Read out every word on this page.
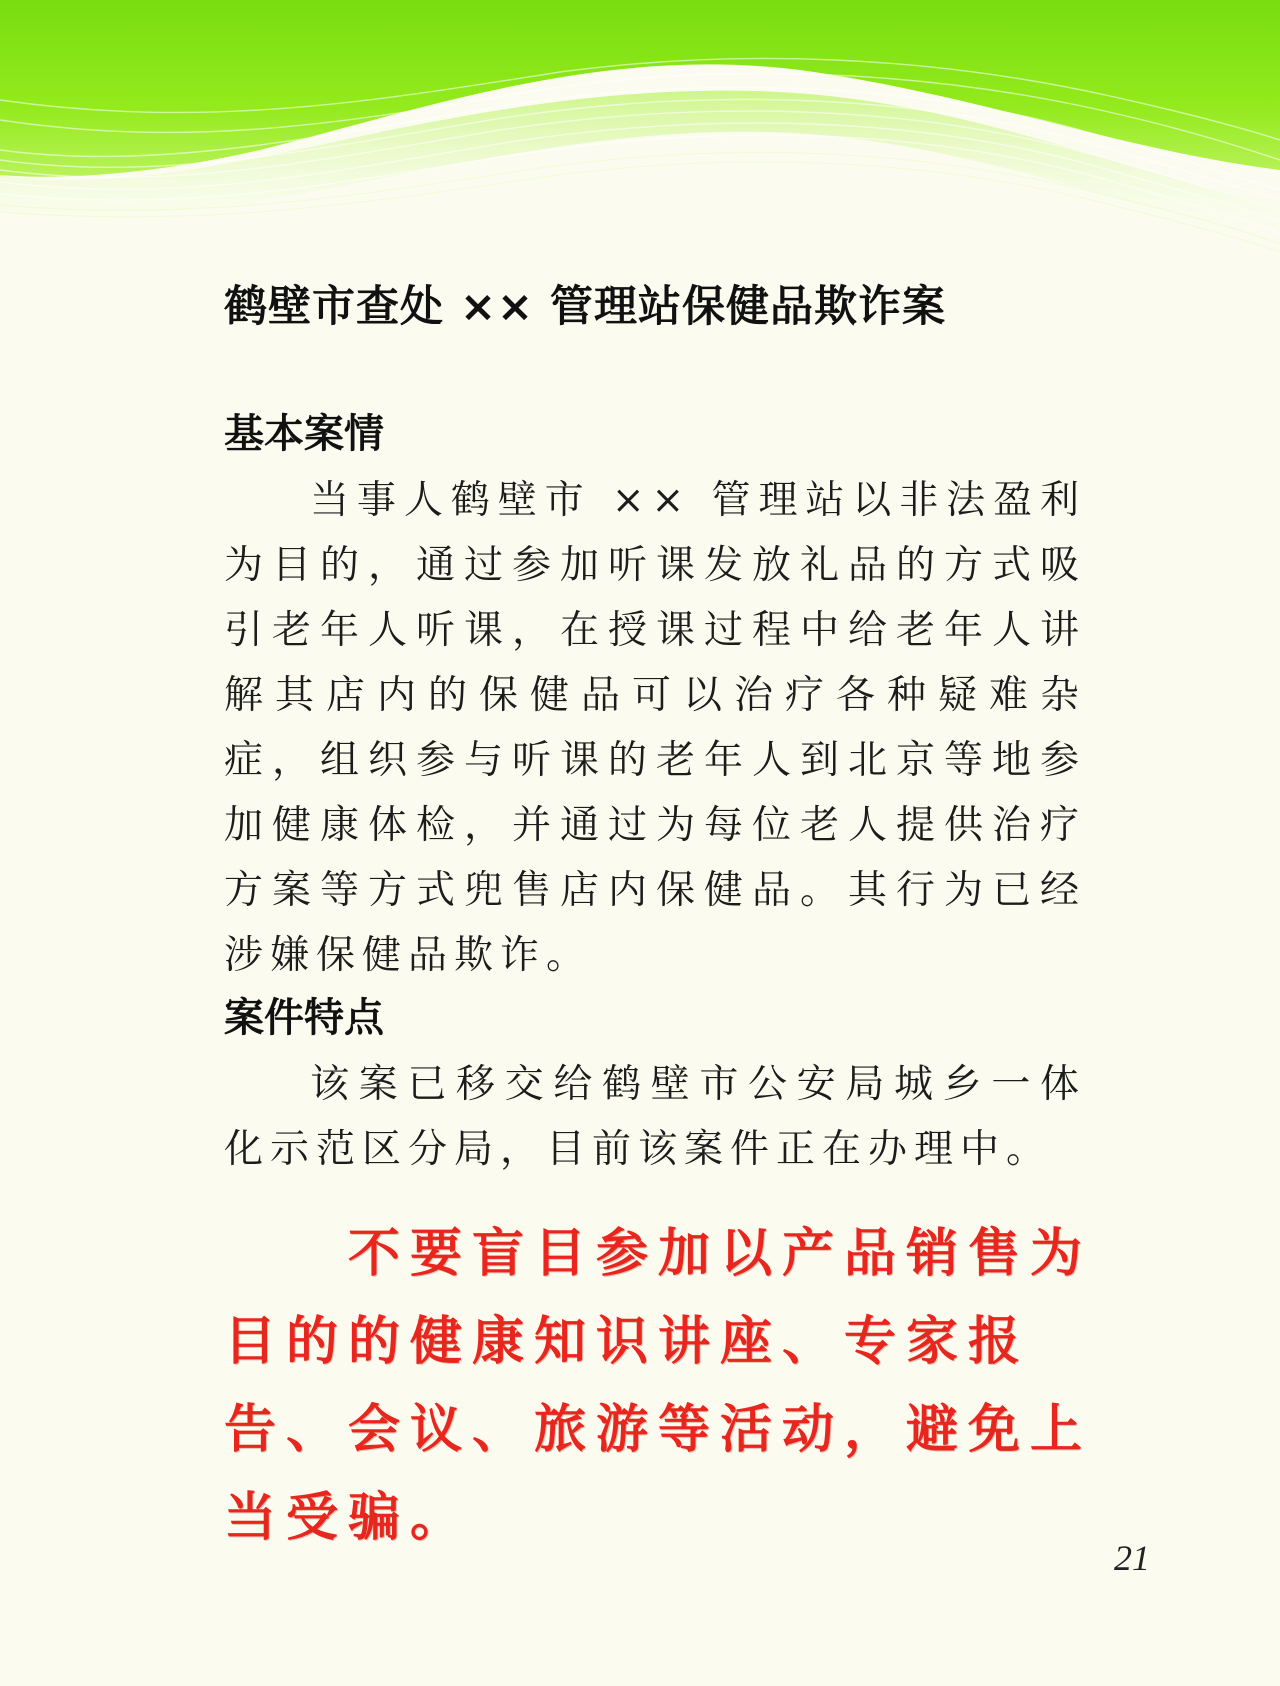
鹤壁市查处 ×× 管理站保健品欺诈案
基本案情

当事人鹤壁市 ×× 管理站以非法盈利为目的，通过参加听课发放礼品的方式吸引老年人听课，在授课过程中给老年人讲解其店内的保健品可以治疗各种疑难杂症，组织参与听课的老年人到北京等地参加健康体检，并通过为每位老人提供治疗方案等方式兜售店内保健品。其行为已经涉嫌保健品欺诈。

案件特点

该案已移交给鹤壁市公安局城乡一体化示范区分局，目前该案件正在办理中。

不要盲目参加以产品销售为目的的健康知识讲座、专家报告、会议、旅游等活动，避免上当受骗。

21
